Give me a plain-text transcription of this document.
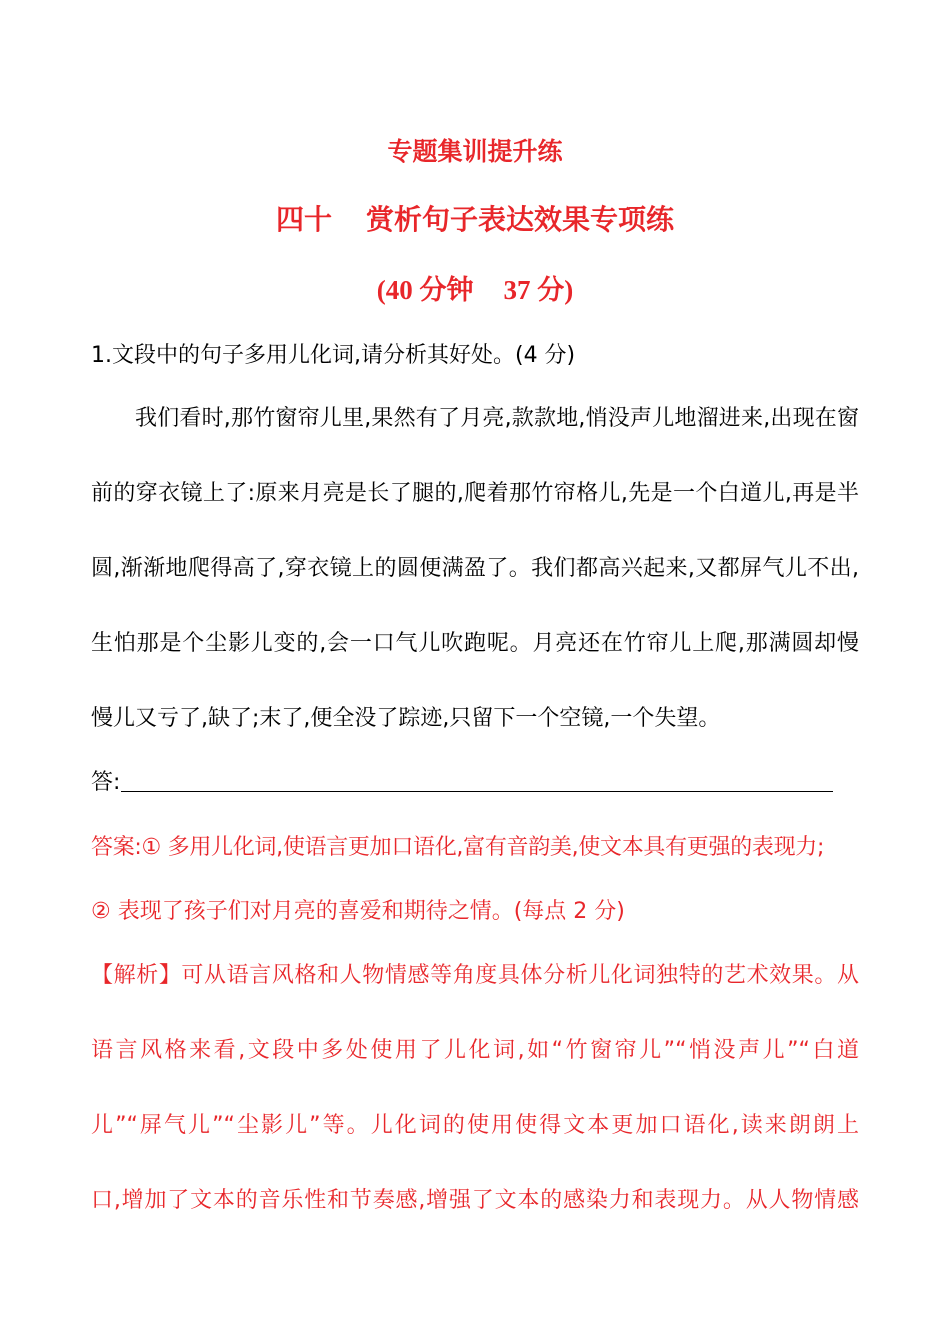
专题集训提升练
四十 赏析句子表达效果专项练
(40 分钟 37 分)
1.文段中的句子多用儿化词,请分析其好处。(4 分)
我们看时,那竹窗帘儿里,果然有了月亮,款款地,悄没声儿地溜进来,出现在窗
前的穿衣镜上了:原来月亮是长了腿的,爬着那竹帘格儿,先是一个白道儿,再是半
圆,渐渐地爬得高了,穿衣镜上的圆便满盈了。我们都高兴起来,又都屏气儿不出,
生怕那是个尘影儿变的,会一口气儿吹跑呢。月亮还在竹帘儿上爬,那满圆却慢
慢儿又亏了,缺了;末了,便全没了踪迹,只留下一个空镜,一个失望。
答:
答案:① 多用儿化词,使语言更加口语化,富有音韵美,使文本具有更强的表现力;
② 表现了孩子们对月亮的喜爱和期待之情。(每点 2 分)
【解析】可从语言风格和人物情感等角度具体分析儿化词独特的艺术效果。从
语言风格来看,文段中多处使用了儿化词,如“竹窗帘儿”“悄没声儿”“白道
儿”“屏气儿”“尘影儿”等。儿化词的使用使得文本更加口语化,读来朗朗上
口,增加了文本的音乐性和节奏感,增强了文本的感染力和表现力。从人物情感
